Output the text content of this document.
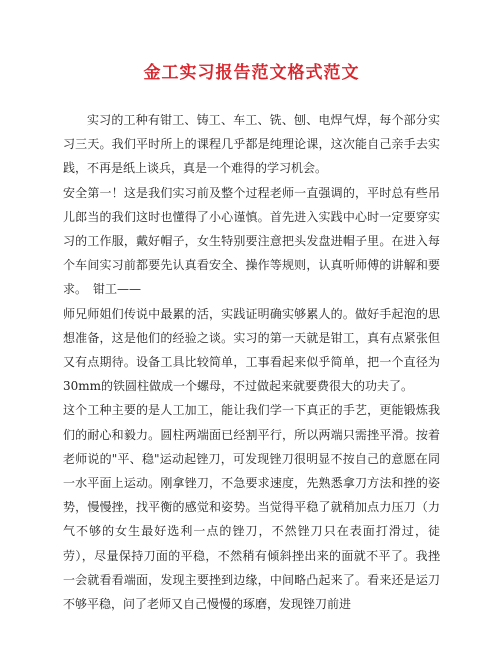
金工实习报告范文格式范文

实习的工种有钳工、铸工、车工、铣、刨、电焊气焊，每个部分实习三天。我们平时所上的课程几乎都是纯理论课，这次能自己亲手去实践，不再是纸上谈兵，真是一个难得的学习机会。

安全第一！这是我们实习前及整个过程老师一直强调的，平时总有些吊儿郎当的我们这时也懂得了小心谨慎。首先进入实践中心时一定要穿实习的工作服，戴好帽子，女生特别要注意把头发盘进帽子里。在进入每个车间实习前都要先认真看安全、操作等规则，认真听师傅的讲解和要求。　钳工——

师兄师姐们传说中最累的活，实践证明确实够累人的。做好手起泡的思想准备，这是他们的经验之谈。实习的第一天就是钳工，真有点紧张但又有点期待。设备工具比较简单，工事看起来似乎简单，把一个直径为30mm的铁圆柱做成一个螺母，不过做起来就要费很大的功夫了。

这个工种主要的是人工加工，能让我们学一下真正的手艺，更能锻炼我们的耐心和毅力。圆柱两端面已经割平行，所以两端只需挫平滑。按着老师说的"平、稳"运动起锉刀，可发现锉刀很明显不按自己的意愿在同一水平面上运动。刚拿锉刀，不急要求速度，先熟悉拿刀方法和挫的姿势，慢慢挫，找平衡的感觉和姿势。当觉得平稳了就稍加点力压刀（力气不够的女生最好选利一点的锉刀，不然锉刀只在表面打滑过，徒劳），尽量保持刀面的平稳，不然稍有倾斜挫出来的面就不平了。我挫一会就看看端面，发现主要挫到边缘，中间略凸起来了。看来还是运刀不够平稳，问了老师又自己慢慢的琢磨，发现锉刀前进
